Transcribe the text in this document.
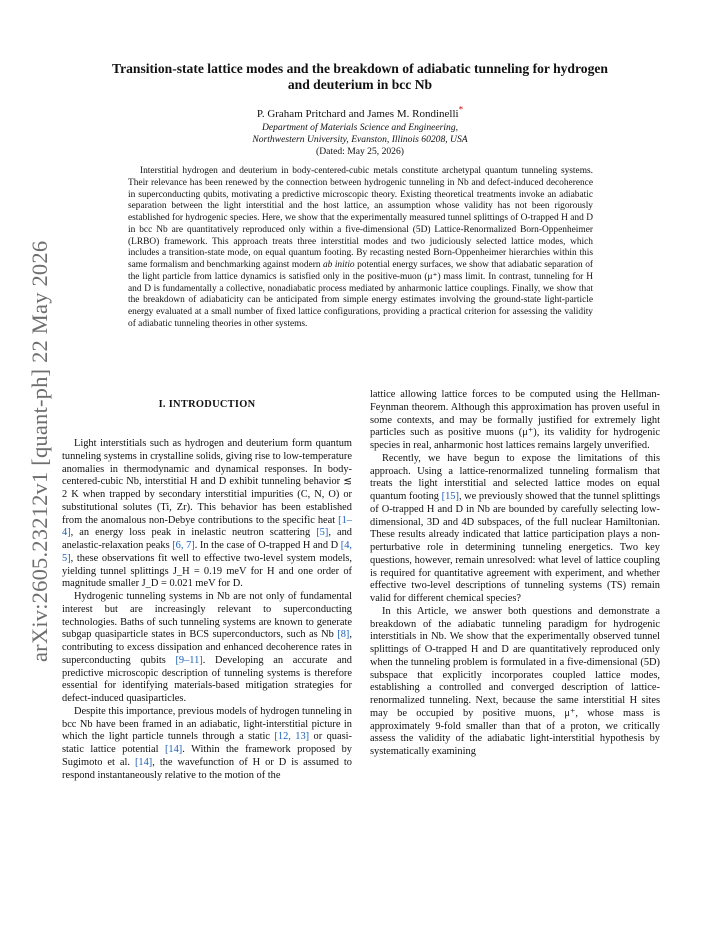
arXiv:2605.23212v1 [quant-ph] 22 May 2026
Transition-state lattice modes and the breakdown of adiabatic tunneling for hydrogen
and deuterium in bcc Nb
P. Graham Pritchard and James M. Rondinelli*
Department of Materials Science and Engineering,
Northwestern University, Evanston, Illinois 60208, USA
(Dated: May 25, 2026)

Interstitial hydrogen and deuterium in body-centered-cubic metals constitute archetypal quantum tunneling systems. Their relevance has been renewed by the connection between hydrogenic tunneling in Nb and defect-induced decoherence in superconducting qubits, motivating a predictive microscopic theory. Existing theoretical treatments invoke an adiabatic separation between the light interstitial and the host lattice, an assumption whose validity has not been rigorously established for hydrogenic species. Here, we show that the experimentally measured tunnel splittings of O-trapped H and D in bcc Nb are quantitatively reproduced only within a five-dimensional (5D) Lattice-Renormalized Born-Oppenheimer (LRBO) framework. This approach treats three interstitial modes and two judiciously selected lattice modes, which includes a transition-state mode, on equal quantum footing. By recasting nested Born-Oppenheimer hierarchies within this same formalism and benchmarking against modern ab initio potential energy surfaces, we show that adiabatic separation of the light particle from lattice dynamics is satisfied only in the positive-muon (μ⁺) mass limit. In contrast, tunneling for H and D is fundamentally a collective, nonadiabatic process mediated by anharmonic lattice couplings. Finally, we show that the breakdown of adiabaticity can be anticipated from simple energy estimates involving the ground-state light-particle energy evaluated at a small number of fixed lattice configurations, providing a practical criterion for assessing the validity of adiabatic tunneling theories in other systems.

I. INTRODUCTION

Light interstitials such as hydrogen and deuterium form quantum tunneling systems in crystalline solids, giving rise to low-temperature anomalies in thermodynamic and dynamical responses. In body-centered-cubic Nb, interstitial H and D exhibit tunneling behavior ≲ 2 K when trapped by secondary interstitial impurities (C, N, O) or substitutional solutes (Ti, Zr). This behavior has been established from the anomalous non-Debye contributions to the specific heat [1–4], an energy loss peak in inelastic neutron scattering [5], and anelastic-relaxation peaks [6, 7]. In the case of O-trapped H and D [4, 5], these observations fit well to effective two-level system models, yielding tunnel splittings J_H = 0.19 meV for H and one order of magnitude smaller J_D = 0.021 meV for D.

Hydrogenic tunneling systems in Nb are not only of fundamental interest but are increasingly relevant to superconducting technologies. Baths of such tunneling systems are known to generate subgap quasiparticle states in BCS superconductors, such as Nb [8], contributing to excess dissipation and enhanced decoherence rates in superconducting qubits [9–11]. Developing an accurate and predictive microscopic description of tunneling systems is therefore essential for identifying materials-based mitigation strategies for defect-induced quasiparticles.

Despite this importance, previous models of hydrogen tunneling in bcc Nb have been framed in an adiabatic, light-interstitial picture in which the light particle tunnels through a static [12, 13] or quasi-static lattice potential [14]. Within the framework proposed by Sugimoto et al. [14], the wavefunction of H or D is assumed to respond instantaneously relative to the motion of the

lattice allowing lattice forces to be computed using the Hellman-Feynman theorem. Although this approximation has proven useful in some contexts, and may be formally justified for extremely light particles such as positive muons (μ⁺), its validity for hydrogenic species in real, anharmonic host lattices remains largely unverified.

Recently, we have begun to expose the limitations of this approach. Using a lattice-renormalized tunneling formalism that treats the light interstitial and selected lattice modes on equal quantum footing [15], we previously showed that the tunnel splittings of O-trapped H and D in Nb are bounded by carefully selecting low-dimensional, 3D and 4D subspaces, of the full nuclear Hamiltonian. These results already indicated that lattice participation plays a non-perturbative role in determining tunneling energetics. Two key questions, however, remain unresolved: what level of lattice coupling is required for quantitative agreement with experiment, and whether effective two-level descriptions of tunneling systems (TS) remain valid for different chemical species?

In this Article, we answer both questions and demonstrate a breakdown of the adiabatic tunneling paradigm for hydrogenic interstitials in Nb. We show that the experimentally observed tunnel splittings of O-trapped H and D are quantitatively reproduced only when the tunneling problem is formulated in a five-dimensional (5D) subspace that explicitly incorporates coupled lattice modes, establishing a controlled and converged description of lattice-renormalized tunneling. Next, because the same interstitial H sites may be occupied by positive muons, μ⁺, whose mass is approximately 9-fold smaller than that of a proton, we critically assess the validity of the adiabatic light-interstitial hypothesis by systematically examining
